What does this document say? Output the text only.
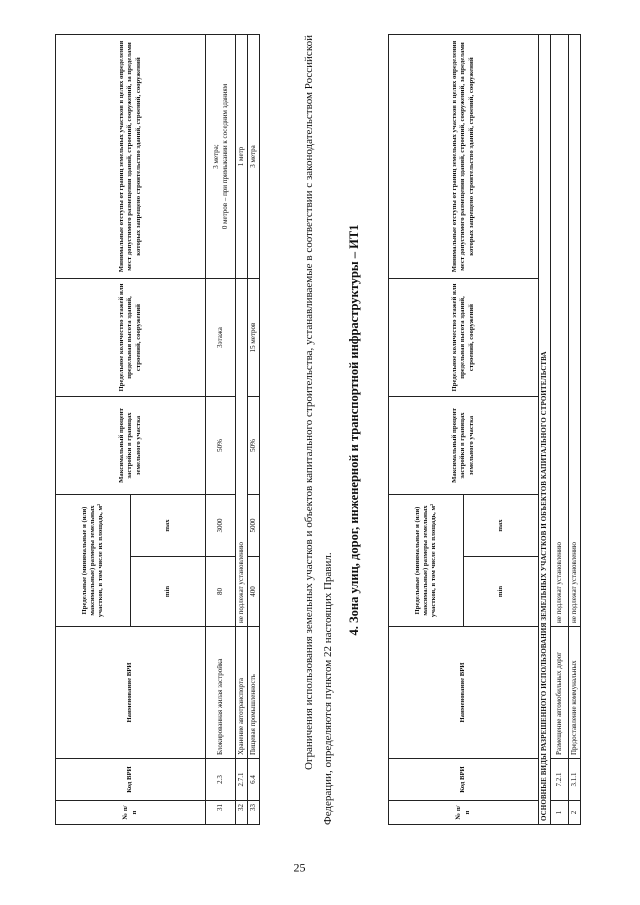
25
№ п/п	Код ВРИ	Наименование ВРИ	Предельные (минимальные и (или) максимальные) размеры земельных участков, в том числе их площадь, м²		Максимальный процент застройки в границах земельного участка	Предельное количество этажей или предельная высота зданий, строений, сооружений	Минимальные отступы от границ земельных участков в целях определения мест допустимого размещения зданий, строений, сооружений, за пределами которых запрещено строительство зданий, строений, сооружений
			min	max			
31	2.3	Блокированная жилая застройка	80	3000	50%	3этажа	3 метра; 0 метров – при примыкании к соседним зданиям

32	2.7.1	Хранение автотранспорта	не подлежат установлению				1 метр
33	6.4	Пищевая промышленность	400	5000	50%	15 метров	3 метра	Ограничения использования земельных участков и объектов капитального строительства, устанавливаемые в соответствии с законодательством Российской Федерации, определяются пунктом 22 настоящих Правил.
4. Зона улиц, дорог, инженерной и транспортной инфраструктуры – ИТ1
№ п/п	Код ВРИ	Наименование ВРИ	Предельные (минимальные и (или) максимальные) размеры земельных участков, в том числе их площадь, м²		Максимальный процент застройки в границах земельного участка	Предельное количество этажей или предельная высота зданий, строений, сооружений	Минимальные отступы от границ земельных участков в целях определения мест допустимого размещения зданий, строений, сооружений, за пределами которых запрещено строительство зданий, строений, сооружений
			min	max			
ОСНОВНЫЕ ВИДЫ РАЗРЕШЕННОГО ИСПОЛЬЗОВАНИЯ ЗЕМЕЛЬНЫХ УЧАСТКОВ И ОБЪЕКТОВ КАПИТАЛЬНОГО СТРОИТЕЛЬСТВА							
1	7.2.1	Размещение автомобильных дорог	не подлежат установлению				
2	3.1.1	Предоставление коммунальных	не подлежат установлению				
